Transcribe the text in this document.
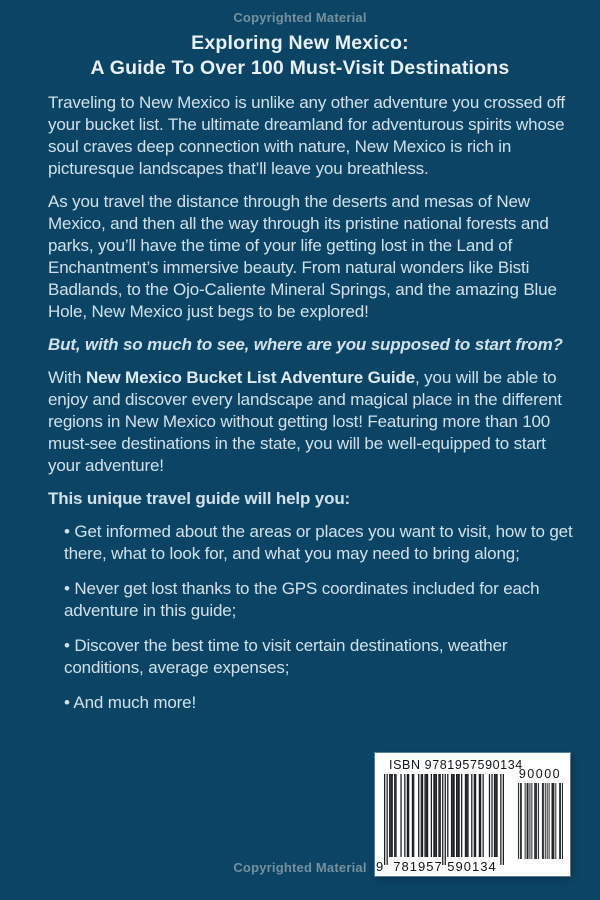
Copyrighted Material
Exploring New Mexico:
A Guide To Over 100 Must-Visit Destinations

Traveling to New Mexico is unlike any other adventure you crossed off your bucket list. The ultimate dreamland for adventurous spirits whose soul craves deep connection with nature, New Mexico is rich in picturesque landscapes that’ll leave you breathless.

As you travel the distance through the deserts and mesas of New Mexico, and then all the way through its pristine national forests and parks, you’ll have the time of your life getting lost in the Land of Enchantment’s immersive beauty. From natural wonders like Bisti Badlands, to the Ojo-Caliente Mineral Springs, and the amazing Blue Hole, New Mexico just begs to be explored!

But, with so much to see, where are you supposed to start from?

With New Mexico Bucket List Adventure Guide, you will be able to enjoy and discover every landscape and magical place in the different regions in New Mexico without getting lost! Featuring more than 100 must-see destinations in the state, you will be well-equipped to start your adventure!

This unique travel guide will help you:

• Get informed about the areas or places you want to visit, how to get there, what to look for, and what you may need to bring along;

• Never get lost thanks to the GPS coordinates included for each adventure in this guide;

• Discover the best time to visit certain destinations, weather conditions, average expenses;

• And much more!

ISBN 9781957590134
9 781957 590134
90000
Copyrighted Material
